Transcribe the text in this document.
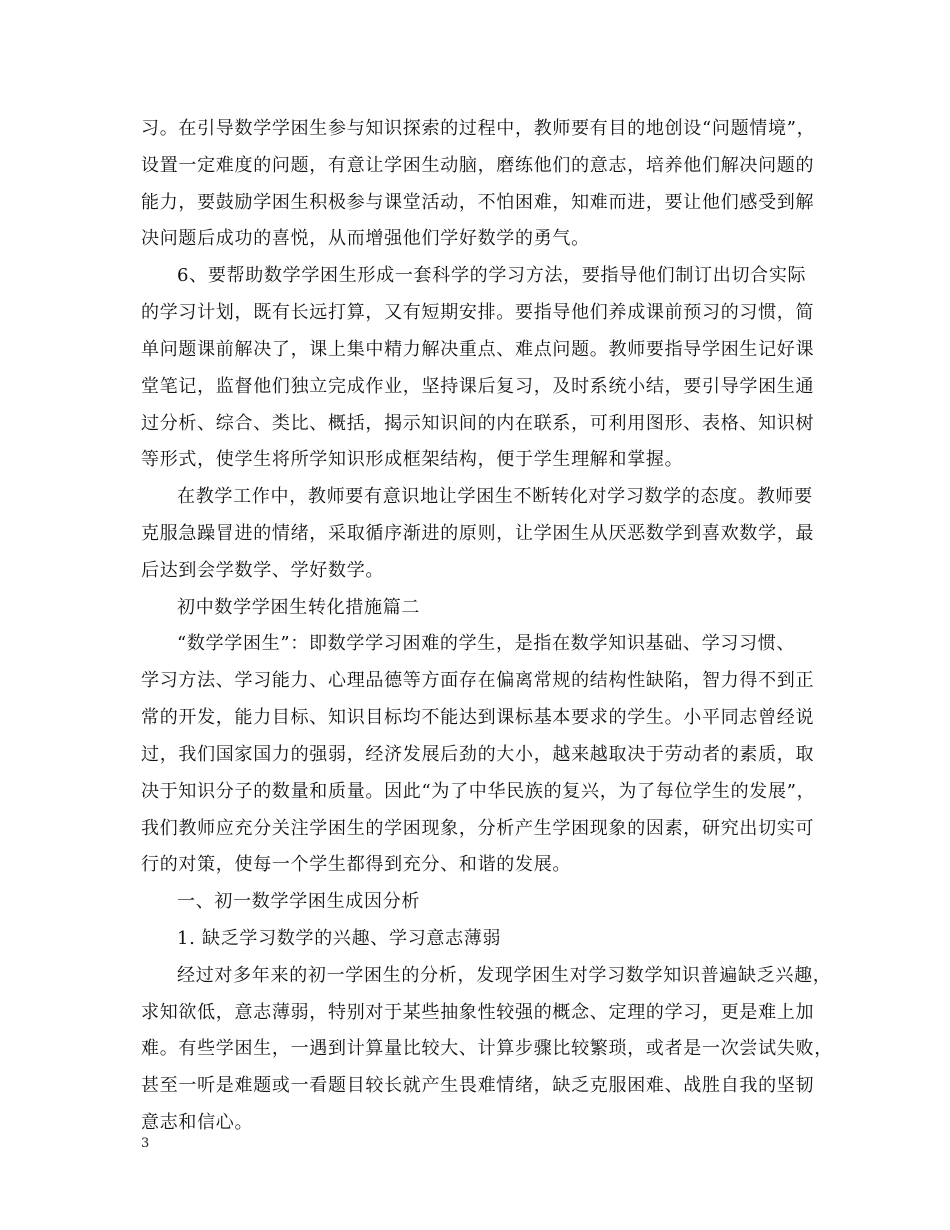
习。在引导数学学困生参与知识探索的过程中，教师要有目的地创设“问题情境”，
设置一定难度的问题，有意让学困生动脑，磨练他们的意志，培养他们解决问题的
能力，要鼓励学困生积极参与课堂活动，不怕困难，知难而进，要让他们感受到解
决问题后成功的喜悦，从而增强他们学好数学的勇气。
6、要帮助数学学困生形成一套科学的学习方法，要指导他们制订出切合实际
的学习计划，既有长远打算，又有短期安排。要指导他们养成课前预习的习惯，简
单问题课前解决了，课上集中精力解决重点、难点问题。教师要指导学困生记好课
堂笔记，监督他们独立完成作业，坚持课后复习，及时系统小结，要引导学困生通
过分析、综合、类比、概括，揭示知识间的内在联系，可利用图形、表格、知识树
等形式，使学生将所学知识形成框架结构，便于学生理解和掌握。
在教学工作中，教师要有意识地让学困生不断转化对学习数学的态度。教师要
克服急躁冒进的情绪，采取循序渐进的原则，让学困生从厌恶数学到喜欢数学，最
后达到会学数学、学好数学。
初中数学学困生转化措施篇二
“数学学困生”：即数学学习困难的学生，是指在数学知识基础、学习习惯、
学习方法、学习能力、心理品德等方面存在偏离常规的结构性缺陷，智力得不到正
常的开发，能力目标、知识目标均不能达到课标基本要求的学生。小平同志曾经说
过，我们国家国力的强弱，经济发展后劲的大小，越来越取决于劳动者的素质，取
决于知识分子的数量和质量。因此“为了中华民族的复兴，为了每位学生的发展”，
我们教师应充分关注学困生的学困现象，分析产生学困现象的因素，研究出切实可
行的对策，使每一个学生都得到充分、和谐的发展。
一、初一数学学困生成因分析
1. 缺乏学习数学的兴趣、学习意志薄弱
经过对多年来的初一学困生的分析，发现学困生对学习数学知识普遍缺乏兴趣，
求知欲低，意志薄弱，特别对于某些抽象性较强的概念、定理的学习，更是难上加
难。有些学困生，一遇到计算量比较大、计算步骤比较繁琐，或者是一次尝试失败，
甚至一听是难题或一看题目较长就产生畏难情绪，缺乏克服困难、战胜自我的坚韧
意志和信心。
3
